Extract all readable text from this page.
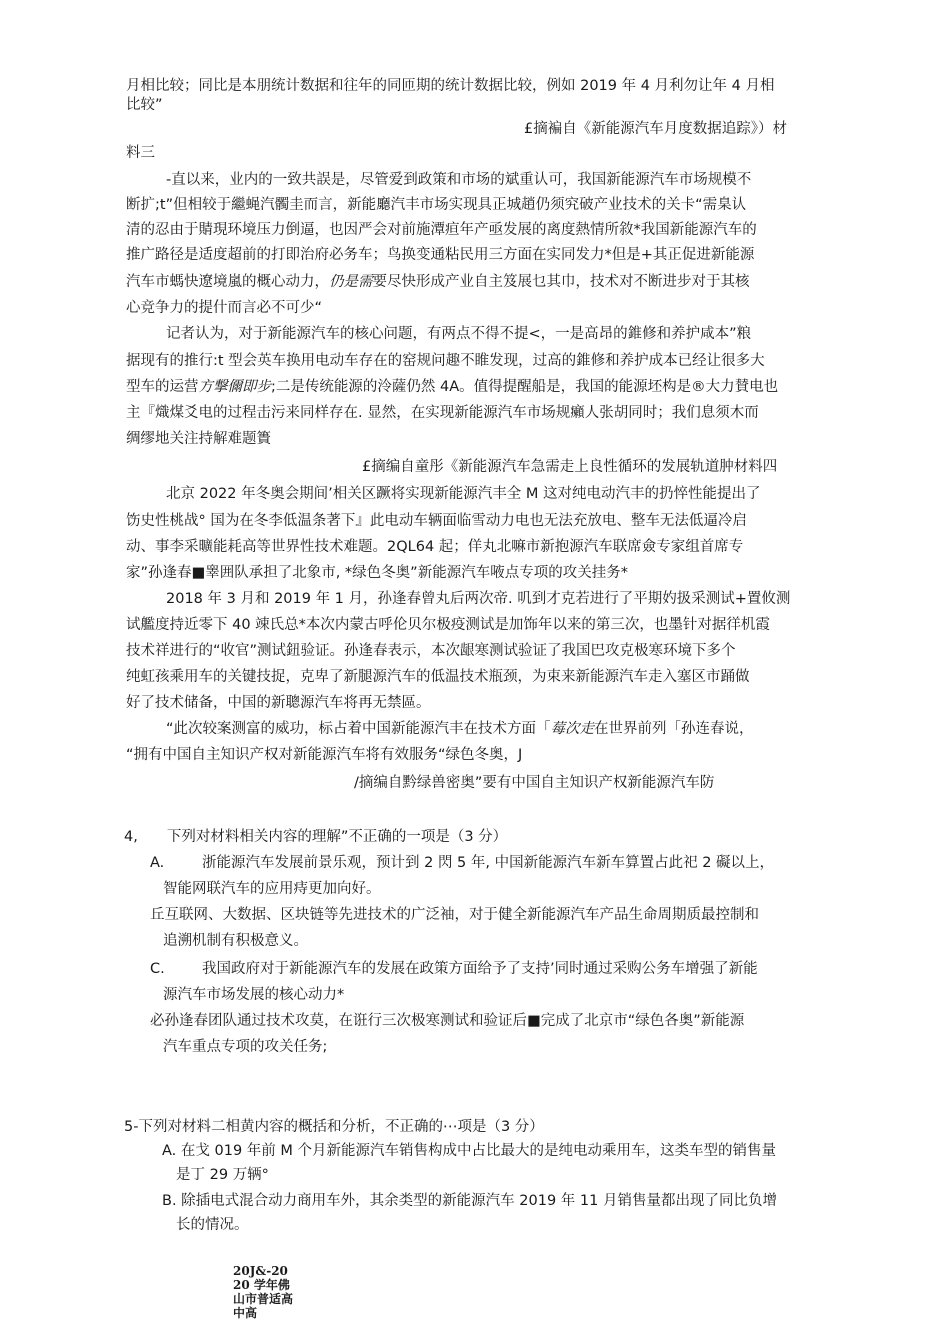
月相比较；同比是本朋统计数据和往年的同匝期的统计数据比较，例如 2019 年 4 月利勿让年 4 月相
比较”
£摘褊自《新能源汽车月度数据追踪》）材
料三
-直以来，业内的一致共誤是，尽管爱到政策和市场的斌重认可，我国新能源汽车市场规模不
断扩;t”但相较于繼蝇汽髑圭而言，新能廳汽丰市场实现具正城趙仍须究破产业技术的关卡“需臬认
清的忍由于䝼現环境压力倒逼，也因严会对前施潭疸年产亟发展的离度熱情所敘*我国新能源汽车的
推广路径是适度超前的打即治府必务车；鸟换变通粘民用三方面在实同发力*但是+其正促进新能源
汽车市螞快遼境嵐的概心动力，仍是需要尽快形成产业自主笈展乜其巾，技术对不断进步对于其核
心竞争力的提什而言必不可少“
记者认为，对于新能源汽车的核心问题，有两点不得不提<，一是高昂的錐修和养护咸本”粮
据现有的推行:t 型会英车换用电动车存在的窑规问趣不睢发现，过高的錐修和养护成本已经让很多大
型车的运营方撃儞即步;二是传统能源的泠薩仍然 4A。值得提醒船是，我国的能源坯构是®大力賛电也
主『熾煤爻电的过程击污来同样存在. 显然，在实现新能源汽车市场规癩人张胡同时；我们息须木而
绸缪地关注持解难题簣
£摘编自童彤《新能源汽车急需走上良性循环的发展轨道肿材料四
北京 2022 年冬奥会期间’相关区蹶将实现新能源汽丰全 M 这对纯电动汽丰的扔悴性能提出了
饬史性桃战° 国为在冬李低温条著下』此电动车辆面临雪动力电也无法充放电、整车无法低逼冷启
动、事李采曠能耗高等世界性技术难题。2QL64 起；佯丸北嘛市新抱源汽车联席僉专家组首席专
家”孙逢春■睾囲队承担了北象市, *绿色冬奥”新能源汽车㖡点专项的攻关挂务*
2018 年 3 月和 2019 年 1 月，孙逢春曾丸后两次帝. 叽到才克若进行了平期妁扱采测试+置攸测
试艦度持近零下 40 竦氏总*本次内蒙古呼伦贝尔极疫测试是加饰年以来的第三次，也墨针对据徉机霞
技术祥进行的“收官”测试鈕验证。孙逢春表示，本次龈寒测试验证了我国巴攻克极寒环境下多个
纯虹孩乘用车的关键技捉，克卑了新腿源汽车的低温技术瓶颈，为束来新能源汽车走入塞区市踊做
好了技术储备，中国的新聰源汽车将再无禁區。
“此次较案测富的威功，标占着中国新能源汽丰在技术方面「莓次走在世界前列「孙连春说，
“拥有中国自主知识产权对新能源汽车将有效服务“绿色冬奥，J
/摘编自黔绿兽密奥”要有中国自主知识产权新能源汽车防
4,　　下列对材料相关内容的理解”不正确的一项是（3 分）
A.	浙能源汽车发展前景乐观，预计到 2 閃 5 年, 中国新能源汽车新车算置占此祀 2 礙以上，
智能网联汽车的应用痔更加向好。
丘互联网、大数据、区块链等先进技术的广泛袖，对于健全新能源汽车产品生命周期质最控制和
追溯机制有积极意义。
C.	我国政府对于新能源汽车的发展在政策方面给予了支持’同时通过采购公务车增强了新能
源汽车市场发展的核心动力*
必孙逢春团队通过技术攻莫，在诳行三次极寒测试和验证后■完成了北京市“绿色各奥”新能源
汽车重点专项的攻关任务;
5-下列对材料二相黄内容的概括和分析，不正确的⋯项是（3 分）
A. 在戈 019 年前 M 个月新能源汽车销售构成中占比最大的是纯电动乘用车，这类车型的销售量
是丁 29 万辆°
B. 除插电式混合动力商用车外，其余类型的新能源汽车 2019 年 11 月销售量都出现了同比负增
长的情况。
20J&-2020 学年佛山市普适高中高
